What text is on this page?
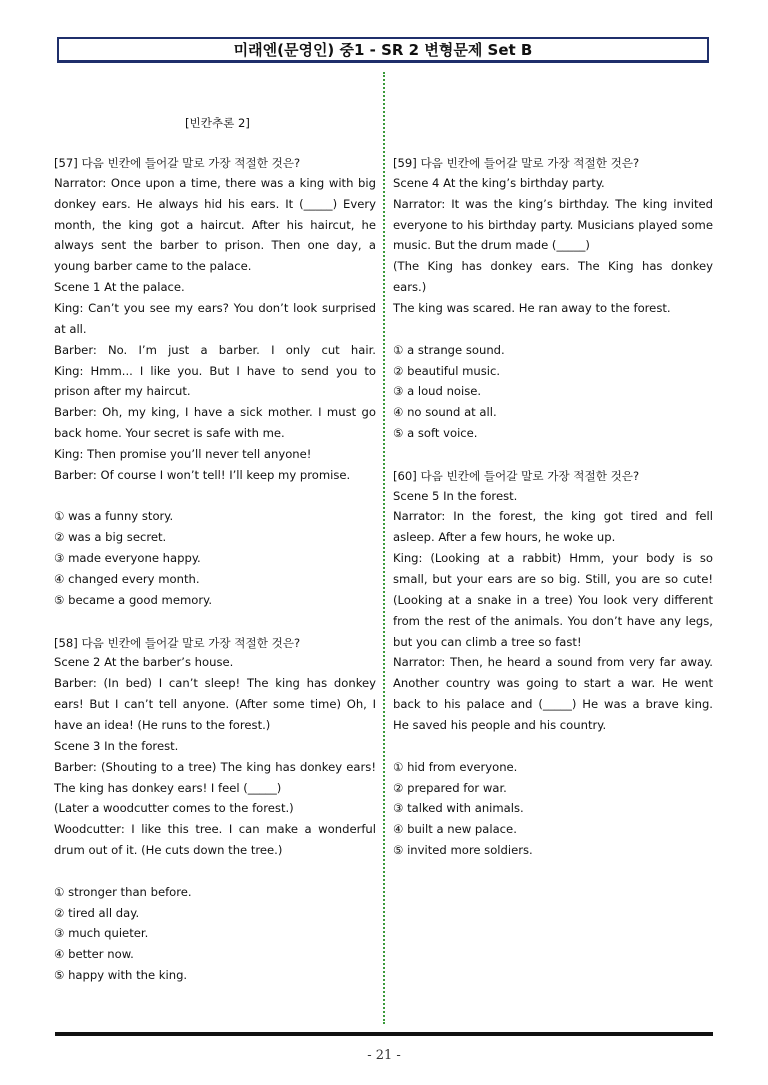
미래엔(문영인) 중1 - SR 2 변형문제 Set B
[빈칸추론 2]
[57] 다음 빈칸에 들어갈 말로 가장 적절한 것은?
Narrator: Once upon a time, there was a king with big
donkey ears. He always hid his ears. It (_____) Every
month, the king got a haircut. After his haircut, he
always sent the barber to prison. Then one day, a
young barber came to the palace.
Scene 1 At the palace.
King: Can’t you see my ears? You don’t look surprised
at all.
Barber: No. I’m just a barber. I only cut hair.
King: Hmm... I like you. But I have to send you to
prison after my haircut.
Barber: Oh, my king, I have a sick mother. I must go
back home. Your secret is safe with me.
King: Then promise you’ll never tell anyone!
Barber: Of course I won’t tell! I’ll keep my promise.
① was a funny story.
② was a big secret.
③ made everyone happy.
④ changed every month.
⑤ became a good memory.
[58] 다음 빈칸에 들어갈 말로 가장 적절한 것은?
Scene 2 At the barber’s house.
Barber: (In bed) I can’t sleep! The king has donkey
ears! But I can’t tell anyone. (After some time) Oh, I
have an idea! (He runs to the forest.)
Scene 3 In the forest.
Barber: (Shouting to a tree) The king has donkey ears!
The king has donkey ears! I feel (_____)
(Later a woodcutter comes to the forest.)
Woodcutter: I like this tree. I can make a wonderful
drum out of it. (He cuts down the tree.)
① stronger than before.
② tired all day.
③ much quieter.
④ better now.
⑤ happy with the king.
[59] 다음 빈칸에 들어갈 말로 가장 적절한 것은?
Scene 4 At the king’s birthday party.
Narrator: It was the king’s birthday. The king invited
everyone to his birthday party. Musicians played some
music. But the drum made (_____)
(The King has donkey ears. The King has donkey
ears.)
The king was scared. He ran away to the forest.
① a strange sound.
② beautiful music.
③ a loud noise.
④ no sound at all.
⑤ a soft voice.
[60] 다음 빈칸에 들어갈 말로 가장 적절한 것은?
Scene 5 In the forest.
Narrator: In the forest, the king got tired and fell
asleep. After a few hours, he woke up.
King: (Looking at a rabbit) Hmm, your body is so
small, but your ears are so big. Still, you are so cute!
(Looking at a snake in a tree) You look very different
from the rest of the animals. You don’t have any legs,
but you can climb a tree so fast!
Narrator: Then, he heard a sound from very far away.
Another country was going to start a war. He went
back to his palace and (_____) He was a brave king.
He saved his people and his country.
① hid from everyone.
② prepared for war.
③ talked with animals.
④ built a new palace.
⑤ invited more soldiers.
- 21 -
